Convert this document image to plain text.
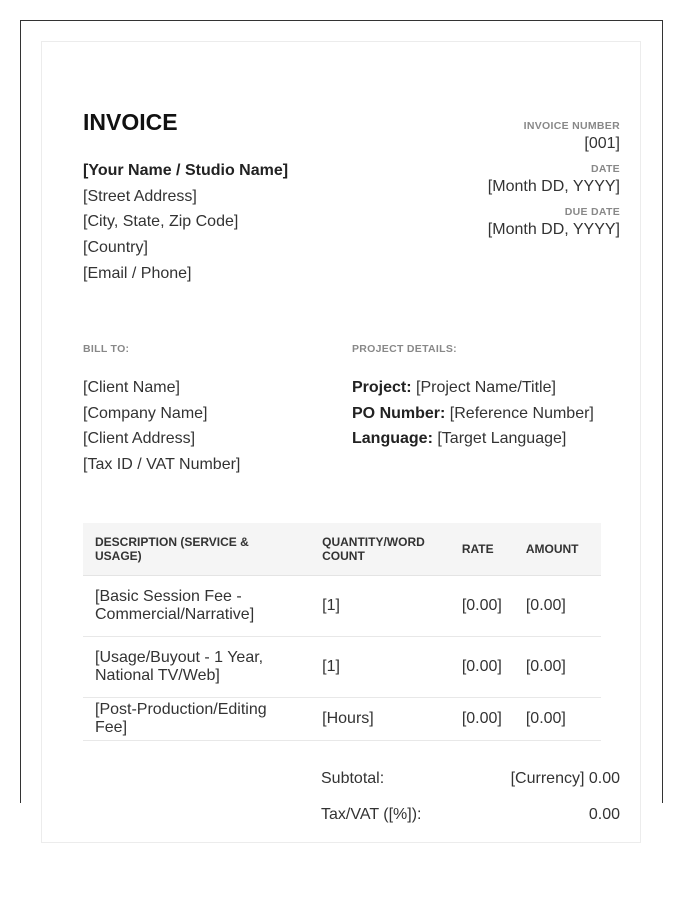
INVOICE
[Your Name / Studio Name]
[Street Address]
[City, State, Zip Code]
[Country]
[Email / Phone]
INVOICE NUMBER
[001]
DATE
[Month DD, YYYY]
DUE DATE
[Month DD, YYYY]
BILL TO:	PROJECT DETAILS:
[Client Name]
[Company Name]
[Client Address]
[Tax ID / VAT Number]
Project: [Project Name/Title]
PO Number: [Reference Number]
Language: [Target Language]
DESCRIPTION (SERVICE & USAGE)	QUANTITY/WORD COUNT	RATE	AMOUNT
[Basic Session Fee - Commercial/Narrative]	[1]	[0.00]	[0.00]
[Usage/Buyout - 1 Year, National TV/Web]	[1]	[0.00]	[0.00]
[Post-Production/Editing Fee]	[Hours]	[0.00]	[0.00]
Subtotal:	[Currency] 0.00
Tax/VAT ([%]):	0.00
